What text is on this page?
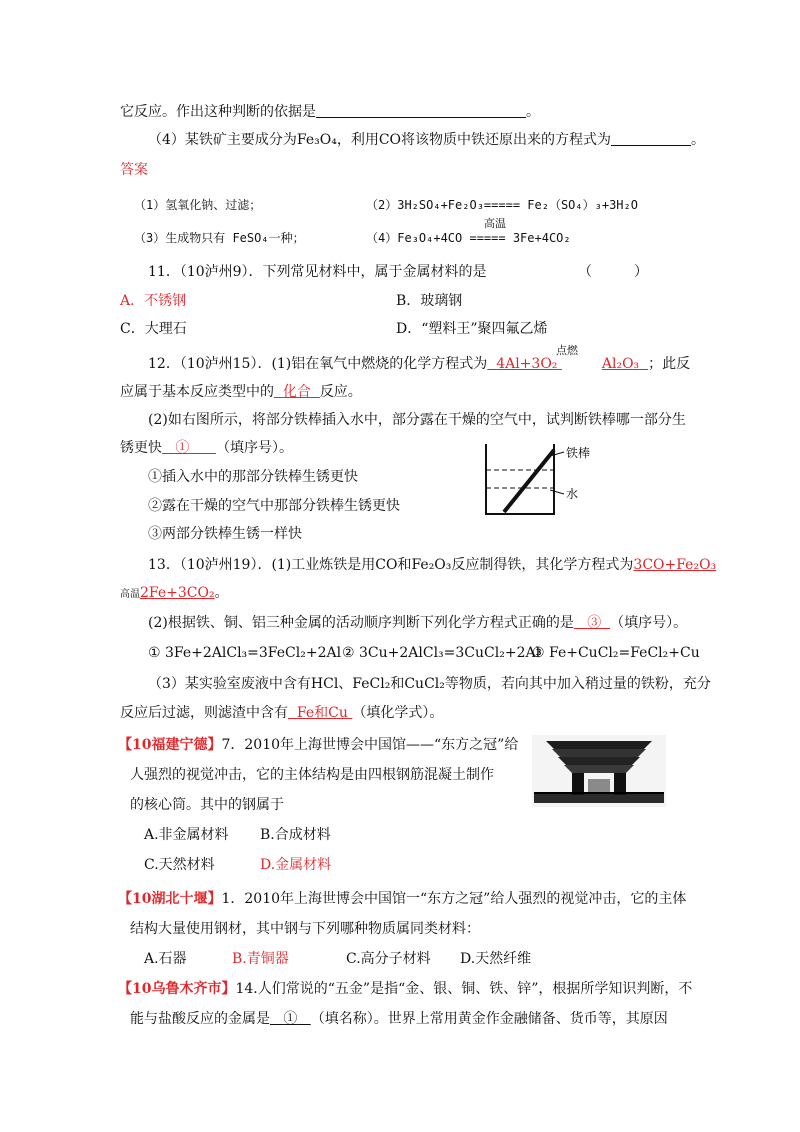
它反应。作出这种判断的依据是	。
（4）某铁矿主要成分为Fe₃O₄，利用CO将该物质中铁还原出来的方程式为	。
答案
（1）氢氧化钠、过滤；	（2）3H₂SO₄+Fe₂O₃===== Fe₂（SO₄）₃+3H₂O
高温
（3）生成物只有 FeSO₄一种；	（4）Fe₃O₄+4CO ===== 3Fe+4CO₂
11．（10泸州9）．下列常见材料中，属于金属材料的是	（　　　）
A．不锈钢	B．玻璃钢
C．大理石	D．“塑料王”聚四氟乙烯
点燃
12．（10泸州15）．(1)铝在氧气中燃烧的化学方程式为 4Al+3O₂	Al₂O₃ ；此反
应属于基本反应类型中的 化合 反应。
(2)如右图所示，将部分铁棒插入水中，部分露在干燥的空气中，试判断铁棒哪一部分生
锈更快 ① （填序号）。
①插入水中的那部分铁棒生锈更快
②露在干燥的空气中那部分铁棒生锈更快
③两部分铁棒生锈一样快
铁棒
水
13．（10泸州19）．(1)工业炼铁是用CO和Fe₂O₃反应制得铁，其化学方程式为3CO+Fe₂O₃
高温2Fe+3CO₂。
(2)根据铁、铜、铝三种金属的活动顺序判断下列化学方程式正确的是 ③ （填序号）。
① 3Fe+2AlCl₃=3FeCl₂+2Al ② 3Cu+2AlCl₃=3CuCl₂+2Al
③ Fe+CuCl₂=FeCl₂+Cu
（3）某实验室废液中含有HCl、FeCl₂和CuCl₂等物质，若向其中加入稍过量的铁粉，充分
反应后过滤，则滤渣中含有 Fe和Cu （填化学式）。
【10福建宁德】7．2010年上海世博会中国馆——“东方之冠”给
人强烈的视觉冲击，它的主体结构是由四根钢筋混凝土制作
的核心筒。其中的钢属于
A.非金属材料 B.合成材料
C.天然材料	D.金属材料
【10湖北十堰】1．2010年上海世博会中国馆一“东方之冠”给人强烈的视觉冲击，它的主体
结构大量使用钢材，其中钢与下列哪种物质属同类材料：
A.石器	B.青铜器	C.高分子材料 D.天然纤维
【10乌鲁木齐市】14.人们常说的“五金”是指“金、银、铜、铁、锌”，根据所学知识判断，不
能与盐酸反应的金属是 ① （填名称）。世界上常用黄金作金融储备、货币等，其原因
